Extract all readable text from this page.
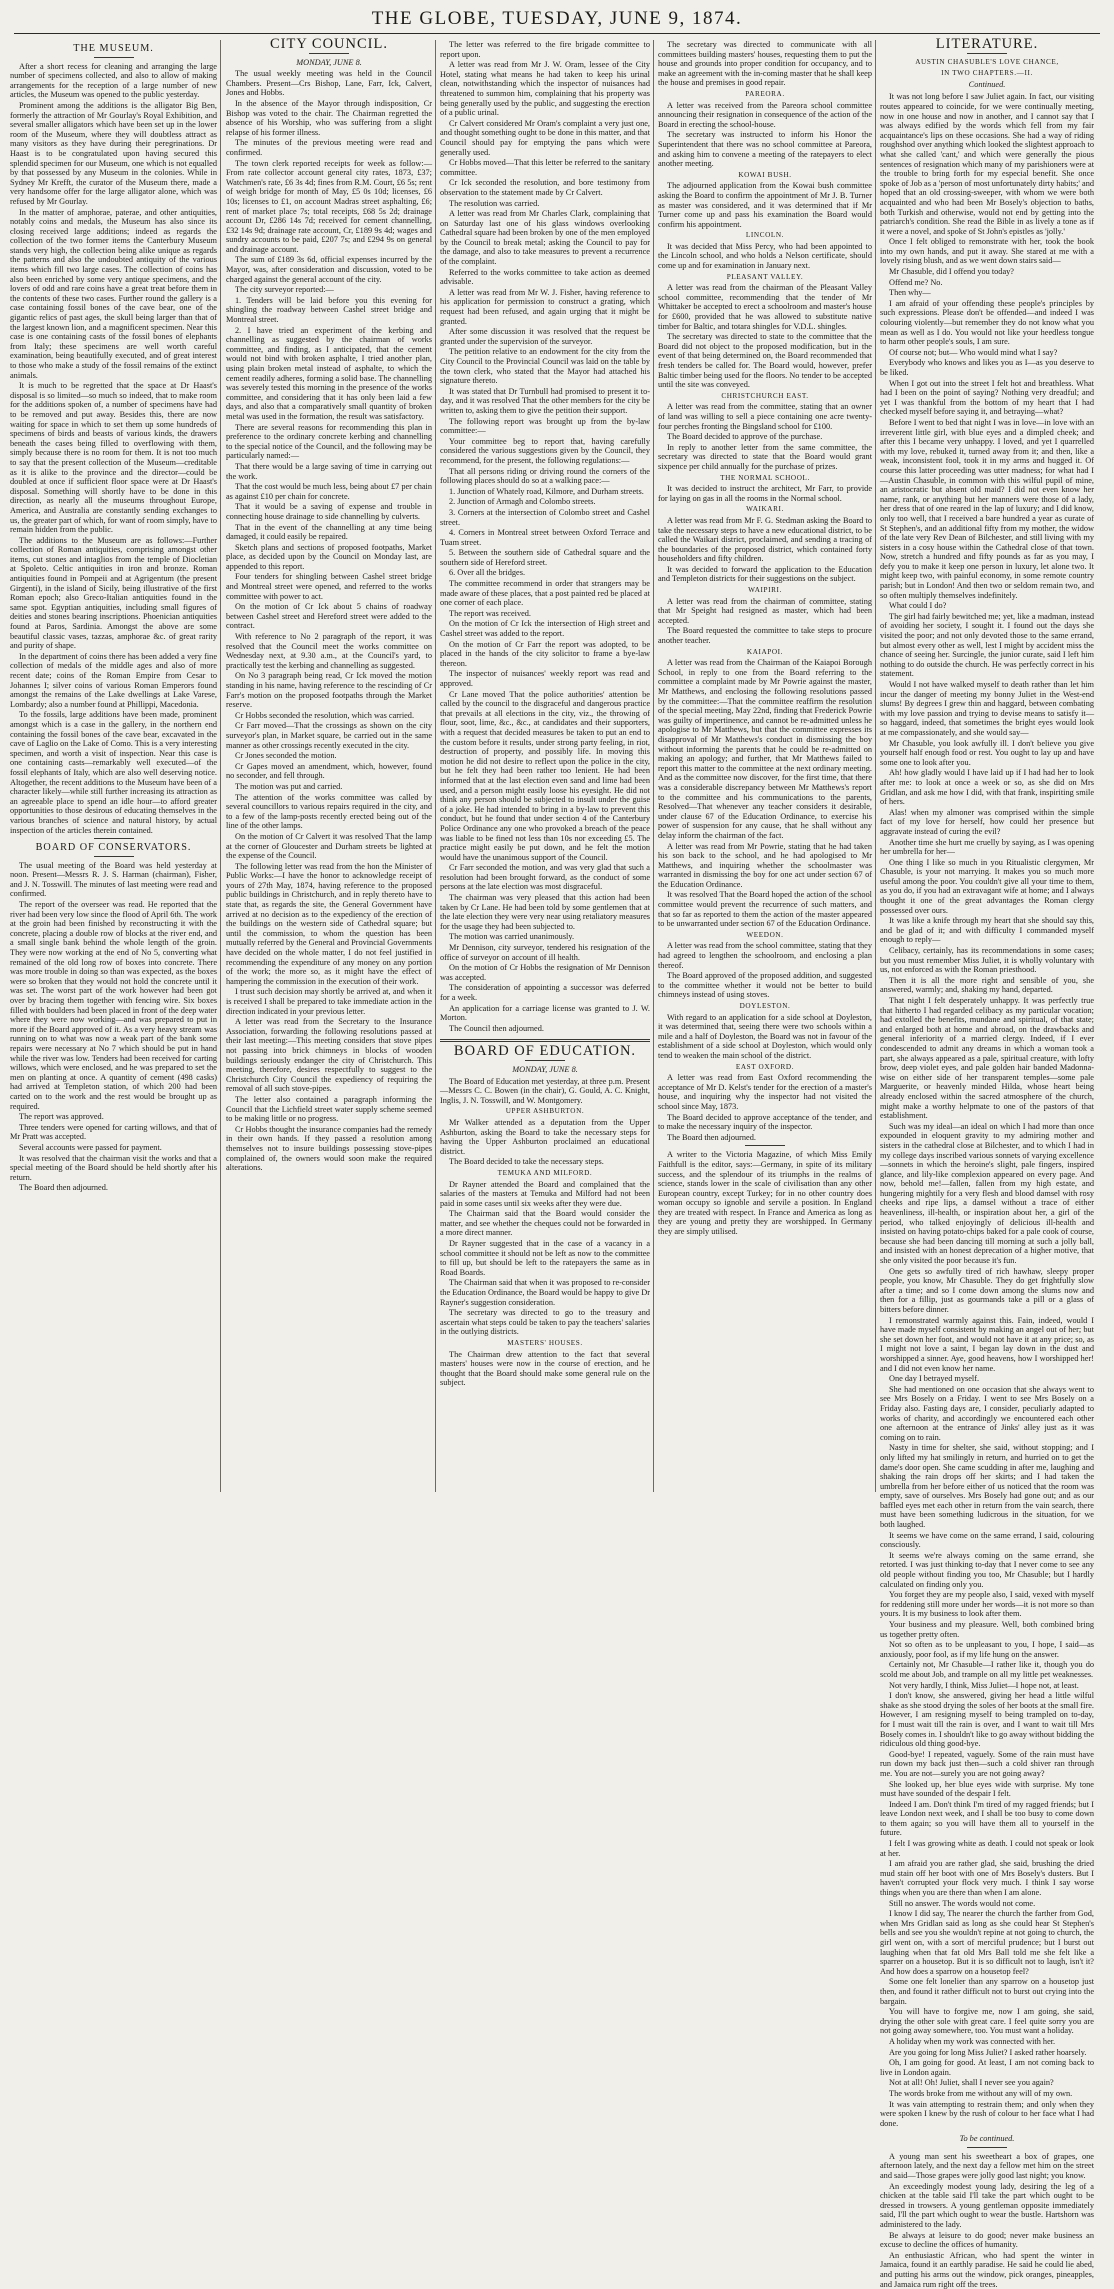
THE GLOBE, TUESDAY, JUNE 9, 1874.
THE MUSEUM.

After a short recess for cleaning and arranging the large number of specimens collected, and also to allow of making arrangements for the reception of a large number of new articles, the Museum was opened to the public yesterday.

Prominent among the additions is the alligator Big Ben, formerly the attraction of Mr Gourlay's Royal Exhibition, and several smaller alligators which have been set up in the lower room of the Museum, where they will doubtless attract as many visitors as they have during their peregrinations. Dr Haast is to be congratulated upon having secured this splendid specimen for our Museum, one which is not equalled by that possessed by any Museum in the colonies. While in Sydney Mr Krefft, the curator of the Museum there, made a very handsome offer for the large alligator alone, which was refused by Mr Gourlay.

In the matter of amphorae, paterae, and other antiquities, notably coins and medals, the Museum has also since its closing received large additions; indeed as regards the collection of the two former items the Canterbury Museum stands very high, the collection being alike unique as regards the patterns and also the undoubted antiquity of the various items which fill two large cases. The collection of coins has also been enriched by some very antique specimens, and the lovers of odd and rare coins have a great treat before them in the contents of these two cases. Further round the gallery is a case containing fossil bones of the cave bear, one of the gigantic relics of past ages, the skull being larger than that of the largest known lion, and a magnificent specimen. Near this case is one containing casts of the fossil bones of elephants from Italy; these specimens are well worth careful examination, being beautifully executed, and of great interest to those who make a study of the fossil remains of the extinct animals.

It is much to be regretted that the space at Dr Haast's disposal is so limited—so much so indeed, that to make room for the additions spoken of, a number of specimens have had to be removed and put away. Besides this, there are now waiting for space in which to set them up some hundreds of specimens of birds and beasts of various kinds, the drawers beneath the cases being filled to overflowing with them, simply because there is no room for them. It is not too much to say that the present collection of the Museum—creditable as it is alike to the province and the director—could be doubled at once if sufficient floor space were at Dr Haast's disposal. Something will shortly have to be done in this direction, as nearly all the museums throughout Europe, America, and Australia are constantly sending exchanges to us, the greater part of which, for want of room simply, have to remain hidden from the public.

The additions to the Museum are as follows:—Further collection of Roman antiquities, comprising amongst other items, cut stones and intaglios from the temple of Diocletian at Spoleto. Celtic antiquities in iron and bronze. Roman antiquities found in Pompeii and at Agrigentum (the present Girgenti), in the island of Sicily, being illustrative of the first Roman epoch; also Greco-Italian antiquities found in the same spot. Egyptian antiquities, including small figures of deities and stones bearing inscriptions. Phoenician antiquities found at Paros, Sardinia. Amongst the above are some beautiful classic vases, tazzas, amphorae &c. of great rarity and purity of shape.

In the department of coins there has been added a very fine collection of medals of the middle ages and also of more recent date; coins of the Roman Empire from Cesar to Johannes I; silver coins of various Roman Emperors found amongst the remains of the Lake dwellings at Lake Varese, Lombardy; also a number found at Phillippi, Macedonia.

To the fossils, large additions have been made, prominent amongst which is a case in the gallery, in the northern end containing the fossil bones of the cave bear, excavated in the cave of Laglio on the Lake of Como. This is a very interesting specimen, and worth a visit of inspection. Near this case is one containing casts—remarkably well executed—of the fossil elephants of Italy, which are also well deserving notice. Altogether, the recent additions to the Museum have been of a character likely—while still further increasing its attraction as an agreeable place to spend an idle hour—to afford greater opportunities to those desirous of educating themselves in the various branches of science and natural history, by actual inspection of the articles therein contained.

BOARD OF CONSERVATORS.

The usual meeting of the Board was held yesterday at noon. Present—Messrs R. J. S. Harman (chairman), Fisher, and J. N. Tosswill. The minutes of last meeting were read and confirmed.

The report of the overseer was read. He reported that the river had been very low since the flood of April 6th. The work at the groin had been finished by reconstructing it with the concrete, placing a double row of blocks at the river end, and a small single bank behind the whole length of the groin. They were now working at the end of No 5, converting what remained of the old long row of boxes into concrete. There was more trouble in doing so than was expected, as the boxes were so broken that they would not hold the concrete until it was set. The worst part of the work however had been got over by bracing them together with fencing wire. Six boxes filled with boulders had been placed in front of the deep water where they were now working—and was prepared to put in more if the Board approved of it. As a very heavy stream was running on to what was now a weak part of the bank some repairs were necessary at No 7 which should be put in hand while the river was low. Tenders had been received for carting willows, which were enclosed, and he was prepared to set the men on planting at once. A quantity of cement (498 casks) had arrived at Templeton station, of which 200 had been carted on to the work and the rest would be brought up as required.

The report was approved.

Three tenders were opened for carting willows, and that of Mr Pratt was accepted.

Several accounts were passed for payment.

It was resolved that the chairman visit the works and that a special meeting of the Board should be held shortly after his return.

The Board then adjourned.

CITY COUNCIL.

MONDAY, JUNE 8.

The usual weekly meeting was held in the Council Chambers. Present—Crs Bishop, Lane, Farr, Ick, Calvert, Jones and Hobbs.

In the absence of the Mayor through indisposition, Cr Bishop was voted to the chair. The Chairman regretted the absence of his Worship, who was suffering from a slight relapse of his former illness.

The minutes of the previous meeting were read and confirmed.

The town clerk reported receipts for week as follow:—From rate collector account general city rates, 1873, £37; Watchmen's rate, £6 3s 4d; fines from R.M. Court, £6 5s; rent of weigh bridge for month of May, £5 0s 10d; licenses, £6 10s; licenses to £1, on account Madras street asphalting, £6; rent of market place 7s; total receipts, £68 5s 2d; drainage account Dr, £286 14s 7d; received for cement channelling, £32 14s 9d; drainage rate account, Cr, £189 9s 4d; wages and sundry accounts to be paid, £207 7s; and £294 9s on general and drainage account.

The sum of £189 3s 6d, official expenses incurred by the Mayor, was, after consideration and discussion, voted to be charged against the general account of the city.

The city surveyor reported:—

1. Tenders will be laid before you this evening for shingling the roadway between Cashel street bridge and Montreal street.

2. I have tried an experiment of the kerbing and channelling as suggested by the chairman of works committee, and finding, as I anticipated, that the cement would not bind with broken asphalte, I tried another plan, using plain broken metal instead of asphalte, to which the cement readily adheres, forming a solid base. The channelling was severely tested this morning in the presence of the works committee, and considering that it has only been laid a few days, and also that a comparatively small quantity of broken metal was used in the formation, the result was satisfactory.

There are several reasons for recommending this plan in preference to the ordinary concrete kerbing and channelling to the special notice of the Council, and the following may be particularly named:—

That there would be a large saving of time in carrying out the work.

That the cost would be much less, being about £7 per chain as against £10 per chain for concrete.

That it would be a saving of expense and trouble in connecting house drainage to side channelling by culverts.

That in the event of the channelling at any time being damaged, it could easily be repaired.

Sketch plans and sections of proposed footpaths, Market place, as decided upon by the Council on Monday last, are appended to this report.

Four tenders for shingling between Cashel street bridge and Montreal street were opened, and referred to the works committee with power to act.

On the motion of Cr Ick about 5 chains of roadway between Cashel street and Hereford street were added to the contract.

With reference to No 2 paragraph of the report, it was resolved that the Council meet the works committee on Wednesday next, at 9.30 a.m., at the Council's yard, to practically test the kerbing and channelling as suggested.

On No 3 paragraph being read, Cr Ick moved the motion standing in his name, having reference to the rescinding of Cr Farr's motion on the proposed footpaths through the Market reserve.

Cr Hobbs seconded the resolution, which was carried.

Cr Farr moved—That the crossings as shown on the city surveyor's plan, in Market square, be carried out in the same manner as other crossings recently executed in the city.

Cr Jones seconded the motion.

Cr Gapes moved an amendment, which, however, found no seconder, and fell through.

The motion was put and carried.

The attention of the works committee was called by several councillors to various repairs required in the city, and to a few of the lamp-posts recently erected being out of the line of the other lamps.

On the motion of Cr Calvert it was resolved That the lamp at the corner of Gloucester and Durham streets be lighted at the expense of the Council.

The following letter was read from the hon the Minister of Public Works:—I have the honor to acknowledge receipt of yours of 27th May, 1874, having reference to the proposed public buildings in Christchurch, and in reply thereto have to state that, as regards the site, the General Government have arrived at no decision as to the expediency of the erection of the buildings on the western side of Cathedral square; but until the commission, to whom the question has been mutually referred by the General and Provincial Governments have decided on the whole matter, I do not feel justified in recommending the expenditure of any money on any portion of the work; the more so, as it might have the effect of hampering the commission in the execution of their work.

I trust such decision may shortly be arrived at, and when it is received I shall be prepared to take immediate action in the direction indicated in your previous letter.

A letter was read from the Secretary to the Insurance Association, forwarding the following resolutions passed at their last meeting:—This meeting considers that stove pipes not passing into brick chimneys in blocks of wooden buildings seriously endanger the city of Christchurch. This meeting, therefore, desires respectfully to suggest to the Christchurch City Council the expediency of requiring the removal of all such stove-pipes.

The letter also contained a paragraph informing the Council that the Lichfield street water supply scheme seemed to be making little or no progress.

Cr Hobbs thought the insurance companies had the remedy in their own hands. If they passed a resolution among themselves not to insure buildings possessing stove-pipes complained of, the owners would soon make the required alterations.

The letter was referred to the fire brigade committee to report upon.

A letter was read from Mr J. W. Oram, lessee of the City Hotel, stating what means he had taken to keep his urinal clean, notwithstanding which the inspector of nuisances had threatened to summon him, complaining that his property was being generally used by the public, and suggesting the erection of a public urinal.

Cr Calvert considered Mr Oram's complaint a very just one, and thought something ought to be done in this matter, and that Council should pay for emptying the pans which were generally used.

Cr Hobbs moved—That this letter be referred to the sanitary committee.

Cr Ick seconded the resolution, and bore testimony from observation to the statement made by Cr Calvert.

The resolution was carried.

A letter was read from Mr Charles Clark, complaining that on Saturday last one of his glass windows overlooking Cathedral square had been broken by one of the men employed by the Council to break metal; asking the Council to pay for the damage, and also to take measures to prevent a recurrence of the complaint.

Referred to the works committee to take action as deemed advisable.

A letter was read from Mr W. J. Fisher, having reference to his application for permission to construct a grating, which request had been refused, and again urging that it might be granted.

After some discussion it was resolved that the request be granted under the supervision of the surveyor.

The petition relative to an endowment for the city from the City Council to the Provincial Council was laid on the table by the town clerk, who stated that the Mayor had attached his signature thereto.

It was stated that Dr Turnbull had promised to present it to-day, and it was resolved That the other members for the city be written to, asking them to give the petition their support.

The following report was brought up from the by-law committee:—

Your committee beg to report that, having carefully considered the various suggestions given by the Council, they recommend, for the present, the following regulations:—

That all persons riding or driving round the corners of the following places should do so at a walking pace:—

1. Junction of Whately road, Kilmore, and Durham streets.

2. Junction of Armagh and Colombo streets.

3. Corners at the intersection of Colombo street and Cashel street.

4. Corners in Montreal street between Oxford Terrace and Tuam street.

5. Between the southern side of Cathedral square and the southern side of Hereford street.

6. Over all the bridges.

The committee recommend in order that strangers may be made aware of these places, that a post painted red be placed at one corner of each place.

The report was received.

On the motion of Cr Ick the intersection of High street and Cashel street was added to the report.

On the motion of Cr Farr the report was adopted, to be placed in the hands of the city solicitor to frame a bye-law thereon.

The inspector of nuisances' weekly report was read and approved.

Cr Lane moved That the police authorities' attention be called by the council to the disgraceful and dangerous practice that prevails at all elections in the city, viz., the throwing of flour, soot, lime, &c., &c., at candidates and their supporters, with a request that decided measures be taken to put an end to the custom before it results, under strong party feeling, in riot, destruction of property, and possibly life. In moving this motion he did not desire to reflect upon the police in the city, but he felt they had been rather too lenient. He had been informed that at the last election even sand and lime had been used, and a person might easily loose his eyesight. He did not think any person should be subjected to insult under the guise of a joke. He had intended to bring in a by-law to prevent this conduct, but he found that under section 4 of the Canterbury Police Ordinance any one who provoked a breach of the peace was liable to be fined not less than 10s nor exceeding £5. The practice might easily be put down, and he felt the motion would have the unanimous support of the Council.

Cr Farr seconded the motion, and was very glad that such a resolution had been brought forward, as the conduct of some persons at the late election was most disgraceful.

The chairman was very pleased that this action had been taken by Cr Lane. He had been told by some gentlemen that at the late election they were very near using retaliatory measures for the usage they had been subjected to.

The motion was carried unanimously.

Mr Dennison, city surveyor, tendered his resignation of the office of surveyor on account of ill health.

On the motion of Cr Hobbs the resignation of Mr Dennison was accepted.

The consideration of appointing a successor was deferred for a week.

An application for a carriage license was granted to J. W. Morton.

The Council then adjourned.

BOARD OF EDUCATION.

MONDAY, JUNE 8.

The Board of Education met yesterday, at three p.m. Present—Messrs C. C. Bowen (in the chair), G. Gould, A. C. Knight, Inglis, J. N. Tosswill, and W. Montgomery.

UPPER ASHBURTON.

Mr Walker attended as a deputation from the Upper Ashburton, asking the Board to take the necessary steps for having the Upper Ashburton proclaimed an educational district.

The Board decided to take the necessary steps.

TEMUKA AND MILFORD.

Dr Rayner attended the Board and complained that the salaries of the masters at Temuka and Milford had not been paid in some cases until six weeks after they were due.

The Chairman said that the Board would consider the matter, and see whether the cheques could not be forwarded in a more direct manner.

Dr Rayner suggested that in the case of a vacancy in a school committee it should not be left as now to the committee to fill up, but should be left to the ratepayers the same as in Road Boards.

The Chairman said that when it was proposed to re-consider the Education Ordinance, the Board would be happy to give Dr Rayner's suggestion consideration.

The secretary was directed to go to the treasury and ascertain what steps could be taken to pay the teachers' salaries in the outlying districts.

MASTERS' HOUSES.

The Chairman drew attention to the fact that several masters' houses were now in the course of erection, and he thought that the Board should make some general rule on the subject.

The secretary was directed to communicate with all committees building masters' houses, requesting them to put the house and grounds into proper condition for occupancy, and to make an agreement with the in-coming master that he shall keep the house and premises in good repair.

PAREORA.

A letter was received from the Pareora school committee announcing their resignation in consequence of the action of the Board in erecting the school-house.

The secretary was instructed to inform his Honor the Superintendent that there was no school committee at Pareora, and asking him to convene a meeting of the ratepayers to elect another meeting.

KOWAI BUSH.

The adjourned application from the Kowai bush committee asking the Board to confirm the appointment of Mr J. B. Turner as master was considered, and it was determined that if Mr Turner come up and pass his examination the Board would confirm his appointment.

LINCOLN.

It was decided that Miss Percy, who had been appointed to the Lincoln school, and who holds a Nelson certificate, should come up and for examination in January next.

PLEASANT VALLEY.

A letter was read from the chairman of the Pleasant Valley school committee, recommending that the tender of Mr Whittaker be accepted to erect a schoolroom and master's house for £600, provided that he was allowed to substitute native timber for Baltic, and totara shingles for V.D.L. shingles.

The secretary was directed to state to the committee that the Board did not object to the proposed modification, but in the event of that being determined on, the Board recommended that fresh tenders be called for. The Board would, however, prefer Baltic timber being used for the floors. No tender to be accepted until the site was conveyed.

CHRISTCHURCH EAST.

A letter was read from the committee, stating that an owner of land was willing to sell a piece containing one acre twenty-four perches fronting the Bingsland school for £100.

The Board decided to approve of the purchase.

In reply to another letter from the same committee, the secretary was directed to state that the Board would grant sixpence per child annually for the purchase of prizes.

THE NORMAL SCHOOL.

It was decided to instruct the architect, Mr Farr, to provide for laying on gas in all the rooms in the Normal school.

WAIKARI.

A letter was read from Mr F. G. Stedman asking the Board to take the necessary steps to have a new educational district, to be called the Waikari district, proclaimed, and sending a tracing of the boundaries of the proposed district, which contained forty householders and fifty children.

It was decided to forward the application to the Education and Templeton districts for their suggestions on the subject.

WAIPIRI.

A letter was read from the chairman of committee, stating that Mr Speight had resigned as master, which had been accepted.

The Board requested the committee to take steps to procure another teacher.

KAIAPOI.

A letter was read from the Chairman of the Kaiapoi Borough School, in reply to one from the Board referring to the committee a complaint made by Mr Powrie against the master, Mr Matthews, and enclosing the following resolutions passed by the committee:—That the committee reaffirm the resolution of the special meeting, May 22nd, finding that Frederick Powrie was guilty of impertinence, and cannot be re-admitted unless he apologise to Mr Matthews, but that the committee expresses its disapproval of Mr Matthews's conduct in dismissing the boy without informing the parents that he could be re-admitted on making an apology; and further, that Mr Matthews failed to report this matter to the committee at the next ordinary meeting. And as the committee now discover, for the first time, that there was a considerable discrepancy between Mr Matthews's report to the committee and his communications to the parents, Resolved—That whenever any teacher considers it desirable, under clause 67 of the Education Ordinance, to exercise his power of suspension for any cause, that he shall without any delay inform the chairman of the fact.

A letter was read from Mr Powrie, stating that he had taken his son back to the school, and he had apologised to Mr Matthews, and inquiring whether the schoolmaster was warranted in dismissing the boy for one act under section 67 of the Education Ordinance.

It was resolved That the Board hoped the action of the school committee would prevent the recurrence of such matters, and that so far as reported to them the action of the master appeared to be unwarranted under section 67 of the Education Ordinance.

WEEDON.

A letter was read from the school committee, stating that they had agreed to lengthen the schoolroom, and enclosing a plan thereof.

The Board approved of the proposed addition, and suggested to the committee whether it would not be better to build chimneys instead of using stoves.

DOYLESTON.

With regard to an application for a side school at Doyleston, it was determined that, seeing there were two schools within a mile and a half of Doyleston, the Board was not in favour of the establishment of a side school at Doyleston, which would only tend to weaken the main school of the district.

EAST OXFORD.

A letter was read from East Oxford recommending the acceptance of Mr D. Kelst's tender for the erection of a master's house, and inquiring why the inspector had not visited the school since May, 1873.

The Board decided to approve acceptance of the tender, and to make the necessary inquiry of the inspector.

The Board then adjourned.

A writer to the Victoria Magazine, of which Miss Emily Faithfull is the editor, says:—Germany, in spite of its military success, and the splendour of its triumphs in the realms of science, stands lower in the scale of civilisation than any other European country, except Turkey; for in no other country does woman occupy so ignoble and servile a position. In England they are treated with respect. In France and America as long as they are young and pretty they are worshipped. In Germany they are simply utilised.

LITERATURE.

AUSTIN CHASUBLE'S LOVE CHANCE,

IN TWO CHAPTERS.—II.

Continued.

It was not long before I saw Juliet again. In fact, our visiting routes appeared to coincide, for we were continually meeting, now in one house and now in another, and I cannot say that I was always edified by the words which fell from my fair acquaintance's lips on these occasions. She had a way of riding roughshod over anything which looked the slightest approach to what she called 'cant,' and which were generally the pious sentences of resignation which many of my parishioners were at the trouble to bring forth for my especial benefit. She once spoke of Job as a 'person of most unfortunately dirty habits;' and hoped that an old crossing-sweeper, with whom we were both acquainted and who had been Mr Bosely's objection to baths, both Turkish and otherwise, would not end by getting into the patriarch's condition. She read the Bible in as lively a tone as if it were a novel, and spoke of St John's epistles as 'jolly.'

Once I felt obliged to remonstrate with her, took the book into my own hands, and put it away. She stared at me with a lovely rising blush, and as we went down stairs said—

Mr Chasuble, did I offend you today?

Offend me? No.

Then why—

I am afraid of your offending these people's principles by such expressions. Please don't be offended—and indeed I was colouring violently—but remember they do not know what you mean as well as I do. You would not like your heedless tongue to harm other people's souls, I am sure.

Of course not; but— Who would mind what I say?

Everybody who knows and likes you as I—as you deserve to be liked.

When I got out into the street I felt hot and breathless. What had I been on the point of saying? Nothing very dreadful; and yet I was thankful from the bottom of my heart that I had checked myself before saying it, and betraying—what?

Before I went to bed that night I was in love—in love with an irreverent little girl, with blue eyes and a dimpled cheek; and after this I became very unhappy. I loved, and yet I quarrelled with my love, rebuked it, turned away from it; and then, like a weak, inconsistent fool, took it in my arms and hugged it. Of course this latter proceeding was utter madness; for what had I—Austin Chasuble, in common with this wilful pupil of mine, an aristocratic but absent old maid? I did not even know her name, rank, or anything but her manners were those of a lady, her dress that of one reared in the lap of luxury; and I did know, only too well, that I received a bare hundred a year as curate of St Stephen's, and an additional fifty from my mother, the widow of the late very Rev Dean of Bilchester, and still living with my sisters in a cosy house within the Cathedral close of that town. Now, stretch a hundred and fifty pounds as far as you may, I defy you to make it keep one person in luxury, let alone two. It might keep two, with painful economy, in some remote country parish; but in London! And then two or seldom remain two, and so often multiply themselves indefinitely.

What could I do?

The girl had fairly bewitched me; yet, like a madman, instead of avoiding her society, I sought it. I found out the days she visited the poor; and not only devoted those to the same errand, but almost every other as well, lest I might by accident miss the chance of seeing her. Surcingle, the junior curate, said I left him nothing to do outside the church. He was perfectly correct in his statement.

Would I not have walked myself to death rather than let him incur the danger of meeting my bonny Juliet in the West-end slums! By degrees I grew thin and haggard, between combating with my love passion and trying to devise means to satisfy it—so haggard, indeed, that sometimes the bright eyes would look at me compassionately, and she would say—

Mr Chasuble, you look awfully ill. I don't believe you give yourself half enough food or rest. You ought to lay up and have some one to look after you.

Ah! how gladly would I have laid up if I had had her to look after me: to look at once a week or so, as she did on Mrs Gridlan, and ask me how I did, with that frank, inspiriting smile of hers.

Alas! when my almoner was comprised within the simple fact of my love for herself, how could her presence but aggravate instead of curing the evil?

Another time she hurt me cruelly by saying, as I was opening her umbrella for her—

One thing I like so much in you Ritualistic clergymen, Mr Chasuble, is your not marrying. It makes you so much more useful among the poor. You couldn't give all your time to them, as you do, if you had an extravagant wife at home; and I always thought it one of the great advantages the Roman clergy possessed over ours.

It was like a knife through my heart that she should say this, and be glad of it; and with difficulty I commanded myself enough to reply—

Celibacy, certainly, has its recommendations in some cases; but you must remember Miss Juliet, it is wholly voluntary with us, not enforced as with the Roman priesthood.

Then it is all the more right and sensible of you, she answered, warmly; and, shaking my hand, departed.

That night I felt desperately unhappy. It was perfectly true that hitherto I had regarded celibacy as my particular vocation; had extolled the benefits, mundane and spiritual, of that state; and enlarged both at home and abroad, on the drawbacks and general inferiority of a married clergy. Indeed, if I ever condescended to admit any dreams in which a woman took a part, she always appeared as a pale, spiritual creature, with lofty brow, deep violet eyes, and pale golden hair banded Madonna-wise on either side of her transparent temples—some pale Marguerite, or heavenly minded Hilda, whose heart being already enclosed within the sacred atmosphere of the church, might make a worthy helpmate to one of the pastors of that establishment.

Such was my ideal—an ideal on which I had more than once expounded in eloquent gravity to my admiring mother and sisters in the cathedral close at Bilchester, and to which I had in my college days inscribed various sonnets of varying excellence—sonnets in which the heroine's slight, pale fingers, inspired glance, and lily-like complexion appeared on every page. And now, behold me!—fallen, fallen from my high estate, and hungering mightily for a very flesh and blood damsel with rosy cheeks and ripe lips, a damsel without a trace of either heavenliness, ill-health, or inspiration about her, a girl of the period, who talked enjoyingly of delicious ill-health and insisted on having potato-chips baked for a pale cook of course, because she had been dancing till morning at such a jolly ball, and insisted with an honest deprecation of a higher motive, that she only visited the poor because it's fun.

One gets so awfully tired of rich hawhaw, sleepy proper people, you know, Mr Chasuble. They do get frightfully slow after a time; and so I come down among the slums now and then for a fillip, just as gourmands take a pill or a glass of bitters before dinner.

I remonstrated warmly against this. Fain, indeed, would I have made myself consistent by making an angel out of her; but she set down her foot, and would not have it at any price; so, as I might not love a saint, I began lay down in the dust and worshipped a sinner. Aye, good heavens, how I worshipped her! and I did not even know her name.

One day I betrayed myself.

She had mentioned on one occasion that she always went to see Mrs Bosely on a Friday. I went to see Mrs Bosely on a Friday also. Fasting days are, I consider, peculiarly adapted to works of charity, and accordingly we encountered each other one afternoon at the entrance of Jinks' alley just as it was coming on to rain.

Nasty in time for shelter, she said, without stopping; and I only lifted my hat smilingly in return, and hurried on to get the dame's door open. She came scudding in after me, laughing and shaking the rain drops off her skirts; and I had taken the umbrella from her before either of us noticed that the room was empty, save of ourselves. Mrs Bosely had gone out; and as our baffled eyes met each other in return from the vain search, there must have been something ludicrous in the situation, for we both laughed.

It seems we have come on the same errand, I said, colouring consciously.

It seems we're always coming on the same errand, she retorted. I was just thinking to-day that I never come to see any old people without finding you too, Mr Chasuble; but I hardly calculated on finding only you.

You forget they are my people also, I said, vexed with myself for reddening still more under her words—it is not more so than yours. It is my business to look after them.

Your business and my pleasure. Well, both combined bring us together pretty often.

Not so often as to be unpleasant to you, I hope, I said—as anxiously, poor fool, as if my life hung on the answer.

Certainly not, Mr Chasuble—I rather like it, though you do scold me about Job, and trample on all my little pet weaknesses.

Not very hardly, I think, Miss Juliet—I hope not, at least.

I don't know, she answered, giving her head a little wilful shake as she stood drying the soles of her boots at the small fire. However, I am resigning myself to being trampled on to-day, for I must wait till the rain is over, and I want to wait till Mrs Bosely comes in. I shouldn't like to go away without bidding the ridiculous old thing good-bye.

Good-bye! I repeated, vaguely. Some of the rain must have run down my back just then—such a cold shiver ran through me. You are not—surely you are not going away?

She looked up, her blue eyes wide with surprise. My tone must have sounded of the despair I felt.

Indeed I am. Don't think I'm tired of my ragged friends; but I leave London next week, and I shall be too busy to come down to them again; so you will have them all to yourself in the future.

I felt I was growing white as death. I could not speak or look at her.

I am afraid you are rather glad, she said, brushing the dried mud stain off her boot with one of Mrs Bosely's dusters. But I haven't corrupted your flock very much. I think I say worse things when you are there than when I am alone.

Still no answer. The words would not come.

I know I did say, The nearer the church the farther from God, when Mrs Gridlan said as long as she could hear St Stephen's bells and see you she wouldn't repine at not going to church, the girl went on, with a sort of merciful prudence; but I burst out laughing when that fat old Mrs Ball told me she felt like a sparrer on a housetop. But it is so difficult not to laugh, isn't it? And how does a sparrow on a housetop feel?

Some one felt lonelier than any sparrow on a housetop just then, and found it rather difficult not to burst out crying into the bargain.

You will have to forgive me, now I am going, she said, drying the other sole with great care. I feel quite sorry you are not going away somewhere, too. You must want a holiday.

A holiday when my work was connected with her.

Are you going for long Miss Juliet? I asked rather hoarsely.

Oh, I am going for good. At least, I am not coming back to live in London again.

Not at all! Oh! Juliet, shall I never see you again?

The words broke from me without any will of my own.

It was vain attempting to restrain them; and only when they were spoken I knew by the rush of colour to her face what I had done.

To be continued.

A young man sent his sweetheart a box of grapes, one afternoon lately, and the next day a fellow met him on the street and said—Those grapes were jolly good last night; you know.

An exceedingly modest young lady, desiring the leg of a chicken at the table said I'll take the part which ought to be dressed in trowsers. A young gentleman opposite immediately said, I'll the part which ought to wear the bustle. Hartshorn was administered to the lady.

Be always at leisure to do good; never make business an excuse to decline the offices of humanity.

An enthusiastic African, who had spent the winter in Jamaica, found it an earthly paradise. He said he could lie abed, and putting his arms out the window, pick oranges, pineapples, and Jamaica rum right off the trees.
